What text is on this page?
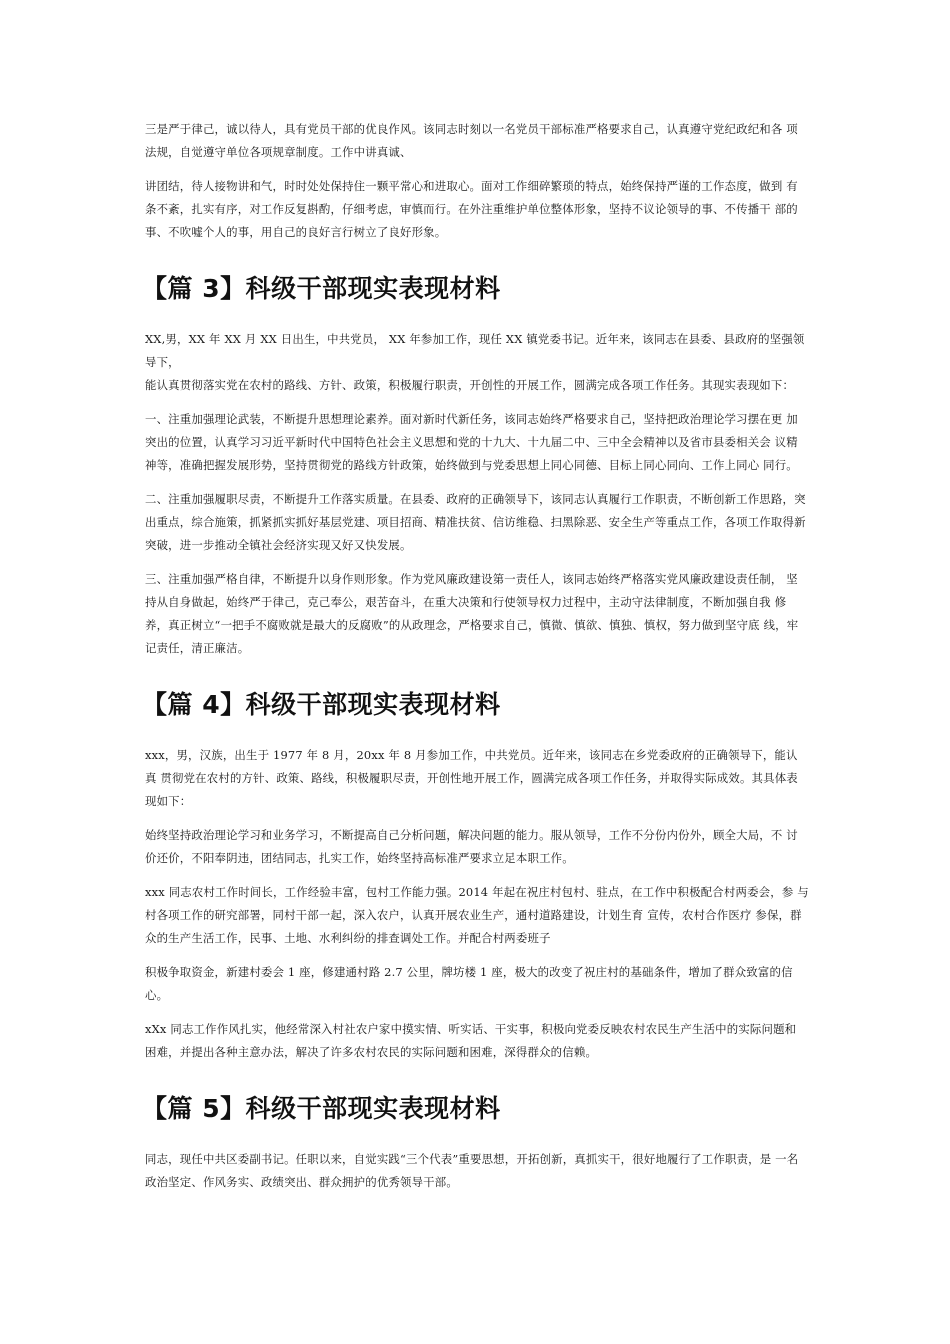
三是严于律己，诚以待人，具有党员干部的优良作风。该同志时刻以一名党员干部标准严格要求自己，认真遵守党纪政纪和各 项法规，自觉遵守单位各项规章制度。工作中讲真诚、

讲团结，待人接物讲和气，时时处处保持住一颗平常心和进取心。面对工作细碎繁琐的特点，始终保持严谨的工作态度，做到 有条不紊，扎实有序，对工作反复斟酌，仔细考虑，审慎而行。在外注重维护单位整体形象，坚持不议论领导的事、不传播干 部的事、不吹嘘个人的事，用自己的良好言行树立了良好形象。

【篇 3】科级干部现实表现材料

XX,男，XX 年 XX 月 XX 日出生，中共党员， XX 年参加工作，现任 XX 镇党委书记。近年来，该同志在县委、县政府的坚强领导下，

能认真贯彻落实党在农村的路线、方针、政策，积极履行职责，开创性的开展工作，圆满完成各项工作任务。其现实表现如下：

一、注重加强理论武装，不断提升思想理论素养。面对新时代新任务，该同志始终严格要求自己，坚持把政治理论学习摆在更 加突出的位置，认真学习习近平新时代中国特色社会主义思想和党的十九大、十九届二中、三中全会精神以及省市县委相关会 议精神等，准确把握发展形势，坚持贯彻党的路线方针政策，始终做到与党委思想上同心同德、目标上同心同向、工作上同心 同行。

二、注重加强履职尽责，不断提升工作落实质量。在县委、政府的正确领导下，该同志认真履行工作职责，不断创新工作思路，突出重点，综合施策，抓紧抓实抓好基层党建、项目招商、精准扶贫、信访维稳、扫黑除恶、安全生产等重点工作，各项工作取得新突破，进一步推动全镇社会经济实现又好又快发展。

三、注重加强严格自律，不断提升以身作则形象。作为党风廉政建设第一责任人，该同志始终严格落实党风廉政建设责任制， 坚持从自身做起，始终严于律己，克己奉公，艰苦奋斗，在重大决策和行使领导权力过程中，主动守法律制度，不断加强自我 修养，真正树立“一把手不腐败就是最大的反腐败”的从政理念，严格要求自己，慎微、慎欲、慎独、慎权，努力做到坚守底 线，牢记责任，清正廉洁。

【篇 4】科级干部现实表现材料

xxx，男，汉族，出生于 1977 年 8 月，20xx 年 8 月参加工作，中共党员。近年来，该同志在乡党委政府的正确领导下，能认真 贯彻党在农村的方针、政策、路线，积极履职尽责，开创性地开展工作，圆满完成各项工作任务，并取得实际成效。其具体表 现如下：

始终坚持政治理论学习和业务学习，不断提高自己分析问题，解决问题的能力。服从领导，工作不分份内份外，顾全大局，不 讨价还价，不阳奉阴违，团结同志，扎实工作，始终坚持高标准严要求立足本职工作。

xxx 同志农村工作时间长，工作经验丰富，包村工作能力强。2014 年起在祝庄村包村、驻点，在工作中积极配合村两委会，参 与村各项工作的研究部署，同村干部一起，深入农户，认真开展农业生产，通村道路建设，计划生育 宣传，农村合作医疗 参保，群众的生产生活工作，民事、土地、水利纠纷的排查调处工作。并配合村两委班子

积极争取资金，新建村委会 1 座，修建通村路 2.7 公里，牌坊楼 1 座，极大的改变了祝庄村的基础条件，增加了群众致富的信 心。

xXx 同志工作作风扎实，他经常深入村社农户家中摸实情、听实话、干实事，积极向党委反映农村农民生产生活中的实际问题和 困难，并提出各种主意办法，解决了许多农村农民的实际问题和困难，深得群众的信赖。

【篇 5】科级干部现实表现材料

同志，现任中共区委副书记。任职以来，自觉实践“三个代表”重要思想，开拓创新，真抓实干，很好地履行了工作职责，是 一名政治坚定、作风务实、政绩突出、群众拥护的优秀领导干部。
